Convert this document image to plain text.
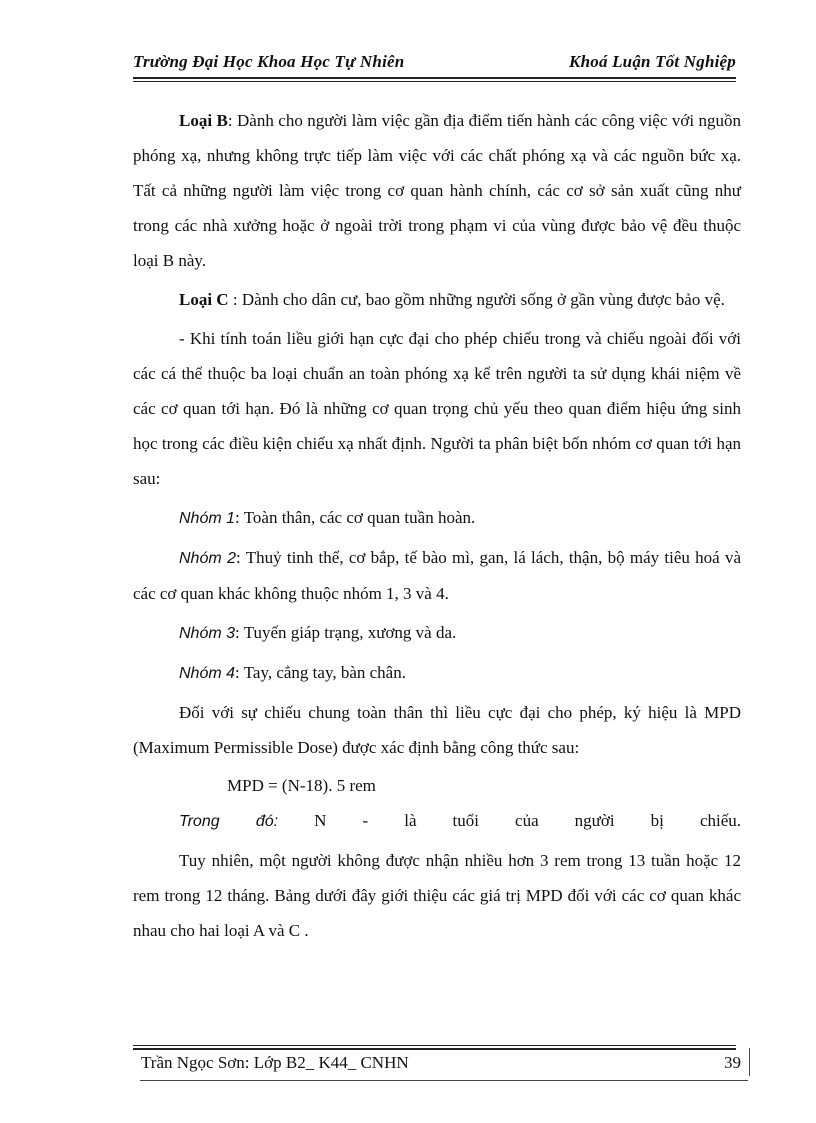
Trường Đại Học Khoa Học Tự Nhiên	Khoá Luận Tốt Nghiệp

Loại B: Dành cho người làm việc gần địa điểm tiến hành các công việc với nguồn phóng xạ, nhưng không trực tiếp làm việc với các chất phóng xạ và các nguồn bức xạ. Tất cả những người làm việc trong cơ quan hành chính, các cơ sở sản xuất cũng như trong các nhà xưởng hoặc ở ngoài trời trong phạm vi của vùng được bảo vệ đều thuộc loại B này.

Loại C : Dành cho dân cư, bao gồm những người sống ở gần vùng được bảo vệ.

- Khi tính toán liều giới hạn cực đại cho phép chiếu trong và chiếu ngoài đối với các cá thể thuộc ba loại chuẩn an toàn phóng xạ kể trên người ta sử dụng khái niệm về các cơ quan tới hạn. Đó là những cơ quan trọng chủ yếu theo quan điểm hiệu ứng sinh học trong các điều kiện chiếu xạ nhất định. Người ta phân biệt bốn nhóm cơ quan tới hạn sau:

Nhóm 1: Toàn thân, các cơ quan tuần hoàn.

Nhóm 2: Thuỷ tinh thể, cơ bắp, tế bào mì, gan, lá lách, thận, bộ máy tiêu hoá và các cơ quan khác không thuộc nhóm 1, 3 và 4.

Nhóm 3: Tuyến giáp trạng, xương và da.

Nhóm 4: Tay, cẳng tay, bàn chân.

Đối với sự chiếu chung toàn thân thì liều cực đại cho phép, ký hiệu là MPD (Maximum Permissible Dose) được xác định bằng công thức sau:

MPD = (N-18). 5 rem

Trong đó: N - là tuổi của người bị chiếu.

Tuy nhiên, một người không được nhận nhiều hơn 3 rem trong 13 tuần hoặc 12 rem trong 12 tháng. Bảng dưới đây giới thiệu các giá trị MPD đối với các cơ quan khác nhau cho hai loại A và C .

Trần Ngọc Sơn: Lớp B2_ K44_ CNHN	39
